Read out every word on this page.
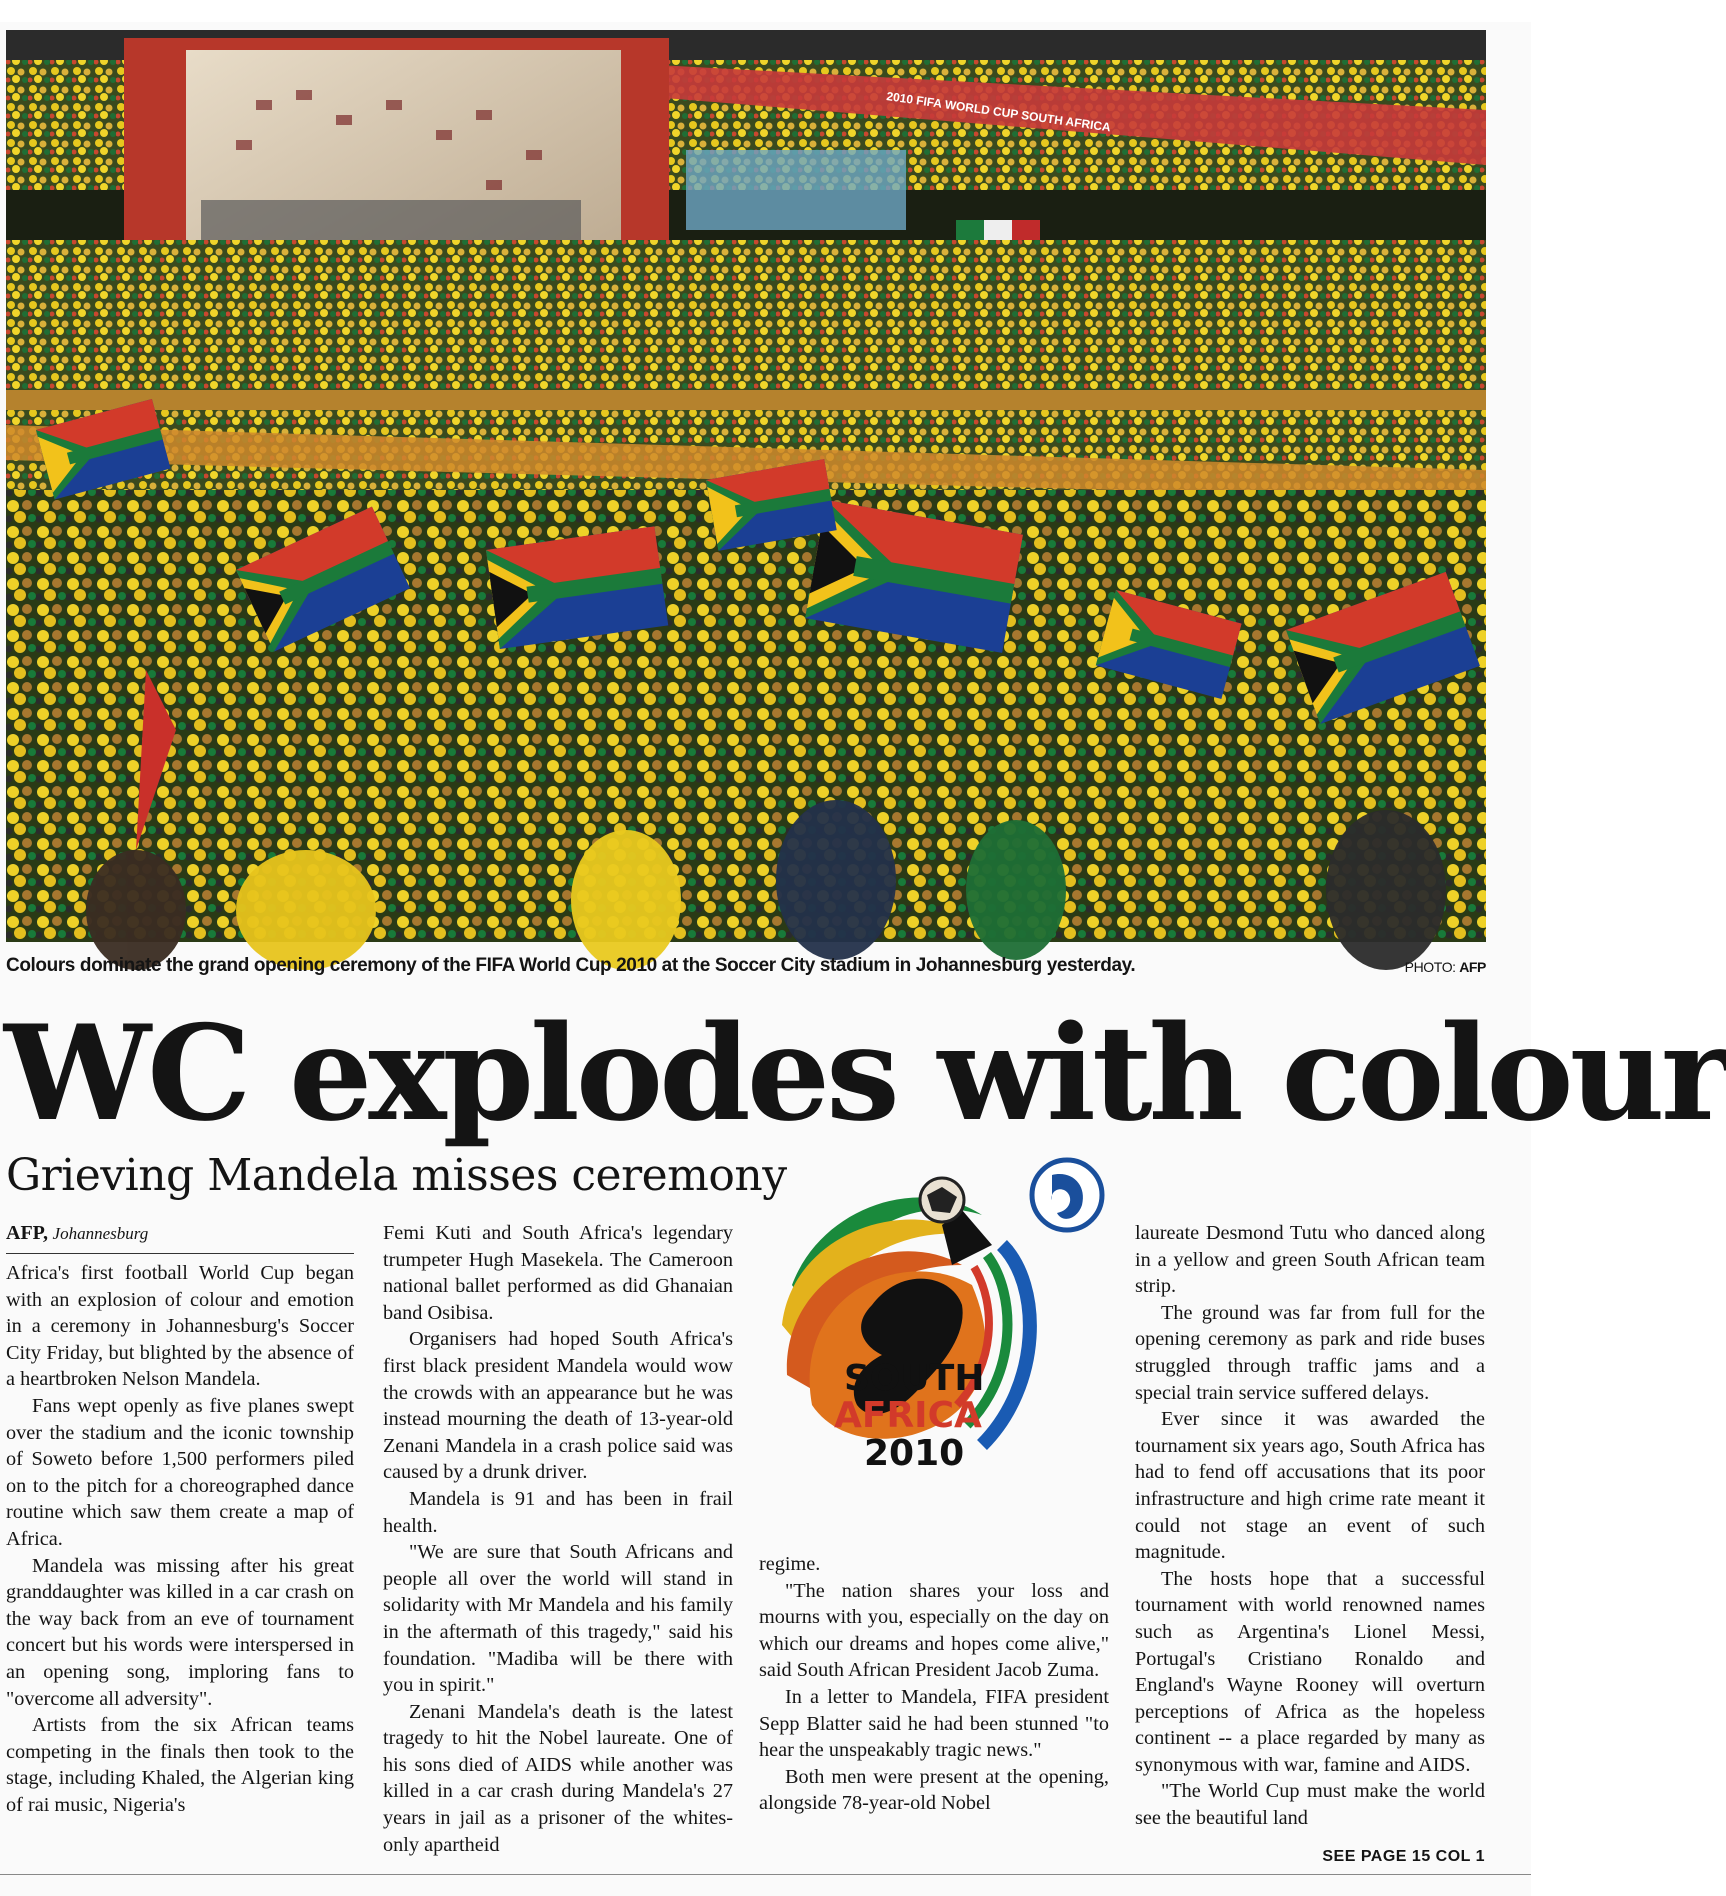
2010 FIFA WORLD CUP SOUTH AFRICA
Colours dominate the grand opening ceremony of the FIFA World Cup 2010 at the Soccer City stadium in Johannesburg yesterday.	PHOTO: AFP
WC explodes with colour
Grieving Mandela misses ceremony
AFP, Johannesburg

Africa's first football World Cup began with an explosion of colour and emotion in a ceremony in Johannesburg's Soccer City Friday, but blighted by the absence of a heartbroken Nelson Mandela.

Fans wept openly as five planes swept over the stadium and the iconic township of Soweto before 1,500 performers piled on to the pitch for a choreographed dance routine which saw them create a map of Africa.

Mandela was missing after his great granddaughter was killed in a car crash on the way back from an eve of tournament concert but his words were interspersed in an opening song, imploring fans to "overcome all adversity".

Artists from the six African teams competing in the finals then took to the stage, including Khaled, the Algerian king of rai music, Nigeria's

Femi Kuti and South Africa's legendary trumpeter Hugh Masekela. The Cameroon national ballet performed as did Ghanaian band Osibisa.

Organisers had hoped South Africa's first black president Mandela would wow the crowds with an appearance but he was instead mourning the death of 13-year-old Zenani Mandela in a crash police said was caused by a drunk driver.

Mandela is 91 and has been in frail health.

"We are sure that South Africans and people all over the world will stand in solidarity with Mr Mandela and his family in the aftermath of this tragedy," said his foundation. "Madiba will be there with you in spirit."

Zenani Mandela's death is the latest tragedy to hit the Nobel laureate. One of his sons died of AIDS while another was killed in a car crash during Mandela's 27 years in jail as a prisoner of the whites-only apartheid

SOUTH
AFRICA
2010

regime.

"The nation shares your loss and mourns with you, especially on the day on which our dreams and hopes come alive," said South African President Jacob Zuma.

In a letter to Mandela, FIFA president Sepp Blatter said he had been stunned "to hear the unspeakably tragic news."

Both men were present at the opening, alongside 78-year-old Nobel

laureate Desmond Tutu who danced along in a yellow and green South African team strip.

The ground was far from full for the opening ceremony as park and ride buses struggled through traffic jams and a special train service suffered delays.

Ever since it was awarded the tournament six years ago, South Africa has had to fend off accusations that its poor infrastructure and high crime rate meant it could not stage an event of such magnitude.

The hosts hope that a successful tournament with world renowned names such as Argentina's Lionel Messi, Portugal's Cristiano Ronaldo and England's Wayne Rooney will overturn perceptions of Africa as the hopeless continent -- a place regarded by many as synonymous with war, famine and AIDS.

"The World Cup must make the world see the beautiful land

SEE PAGE 15 COL 1
